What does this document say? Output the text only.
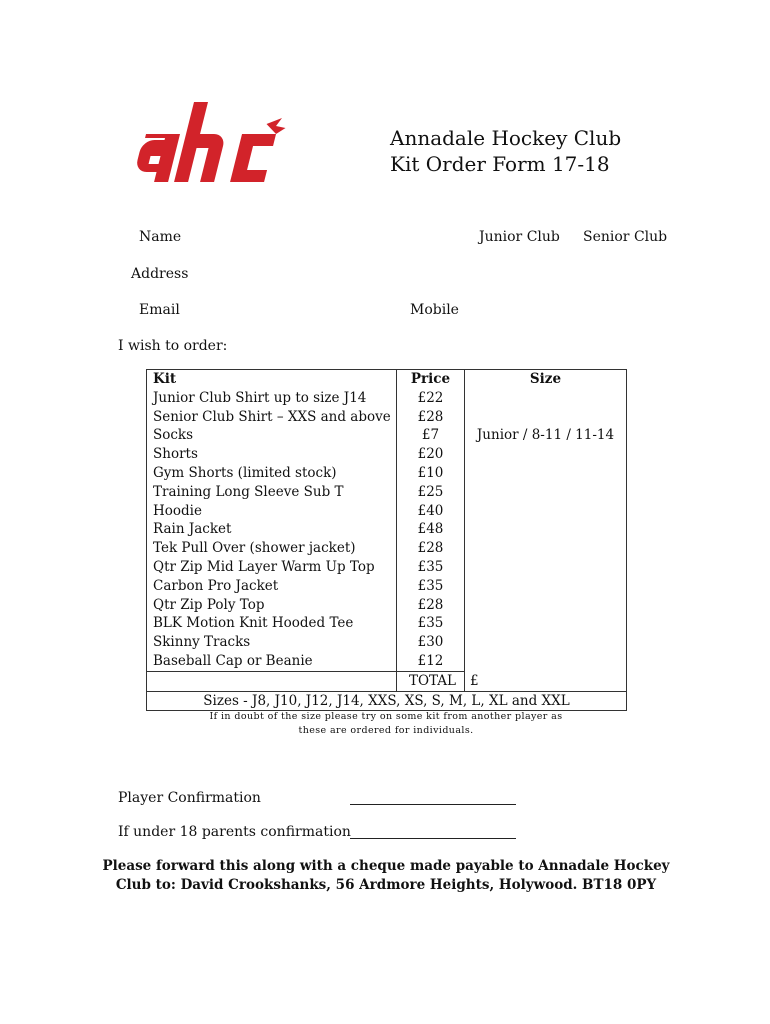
Annadale Hockey Club
Kit Order Form 17-18
Name	Junior Club Senior Club
Address
Email	Mobile
I wish to order:
Kit	Price	Size
Junior Club Shirt up to size J14	£22	
Senior Club Shirt – XXS and above	£28	
Socks	£7	Junior / 8-11 / 11-14
Shorts	£20	
Gym Shorts (limited stock)	£10	
Training Long Sleeve Sub T	£25	
Hoodie	£40	
Rain Jacket	£48	
Tek Pull Over (shower jacket)	£28	
Qtr Zip Mid Layer Warm Up Top	£35	
Carbon Pro Jacket	£35	
Qtr Zip Poly Top	£28	
BLK Motion Knit Hooded Tee	£35	
Skinny Tracks	£30	
Baseball Cap or Beanie	£12	
	TOTAL	£
Sizes - J8, J10, J12, J14, XXS, XS, S, M, L, XL and XXL		
If in doubt of the size please try on some kit from another player as
these are ordered for individuals.
Player Confirmation
If under 18 parents confirmation
Please forward this along with a cheque made payable to Annadale Hockey
Club to: David Crookshanks, 56 Ardmore Heights, Holywood. BT18 0PY
